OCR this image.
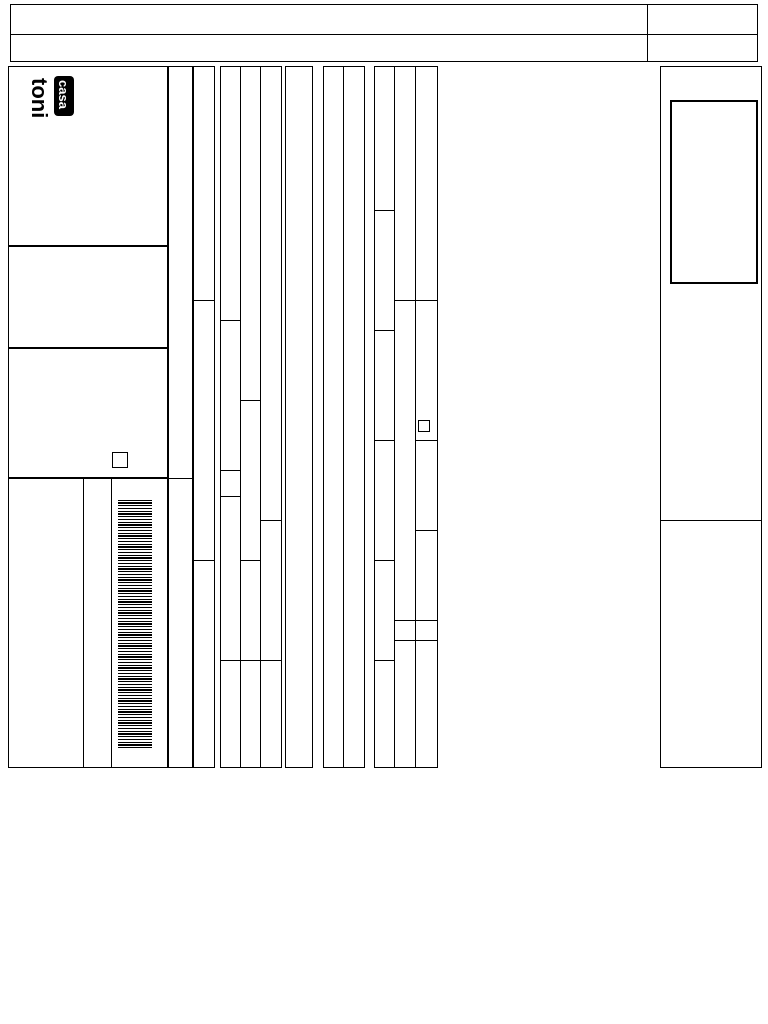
casa
toni
